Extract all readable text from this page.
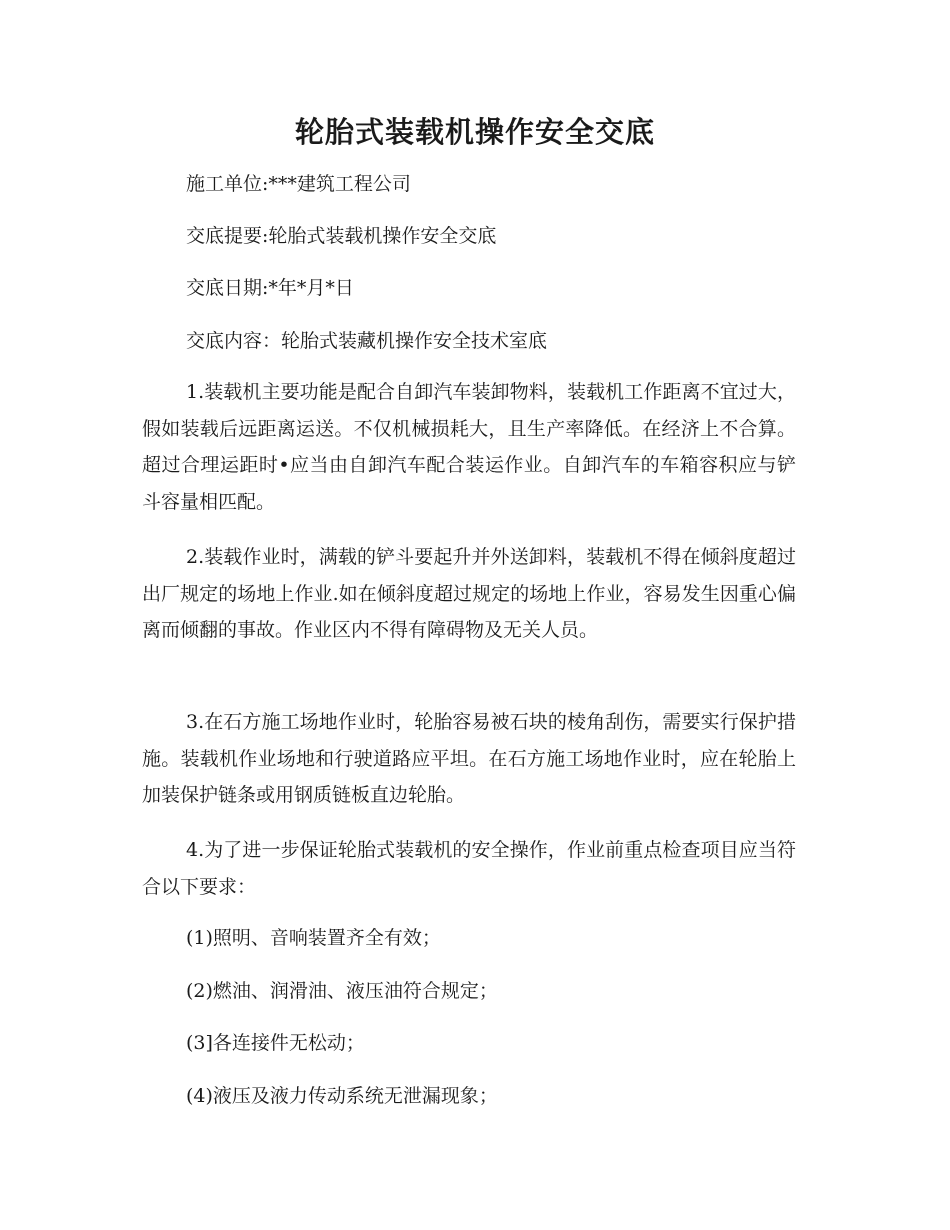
轮胎式装载机操作安全交底
施工单位:***建筑工程公司
交底提要:轮胎式装载机操作安全交底
交底日期:*年*月*日
交底内容：轮胎式装藏机操作安全技术室底

1.装载机主要功能是配合自卸汽车装卸物料，装载机工作距离不宜过大，假如装载后远距离运送。不仅机械损耗大，且生产率降低。在经济上不合算。超过合理运距时•应当由自卸汽车配合装运作业。自卸汽车的车箱容积应与铲斗容量相匹配。

2.装载作业时，满载的铲斗要起升并外送卸料，装载机不得在倾斜度超过出厂规定的场地上作业.如在倾斜度超过规定的场地上作业，容易发生因重心偏离而倾翻的事故。作业区内不得有障碍物及无关人员。

3.在石方施工场地作业时，轮胎容易被石块的棱角刮伤，需要实行保护措施。装载机作业场地和行驶道路应平坦。在石方施工场地作业时，应在轮胎上加装保护链条或用钢质链板直边轮胎。

4.为了进一步保证轮胎式装载机的安全操作，作业前重点检查项目应当符合以下要求：

(1)照明、音响装置齐全有效；
(2)燃油、润滑油、液压油符合规定；
(3]各连接件无松动；
(4)液压及液力传动系统无泄漏现象；
